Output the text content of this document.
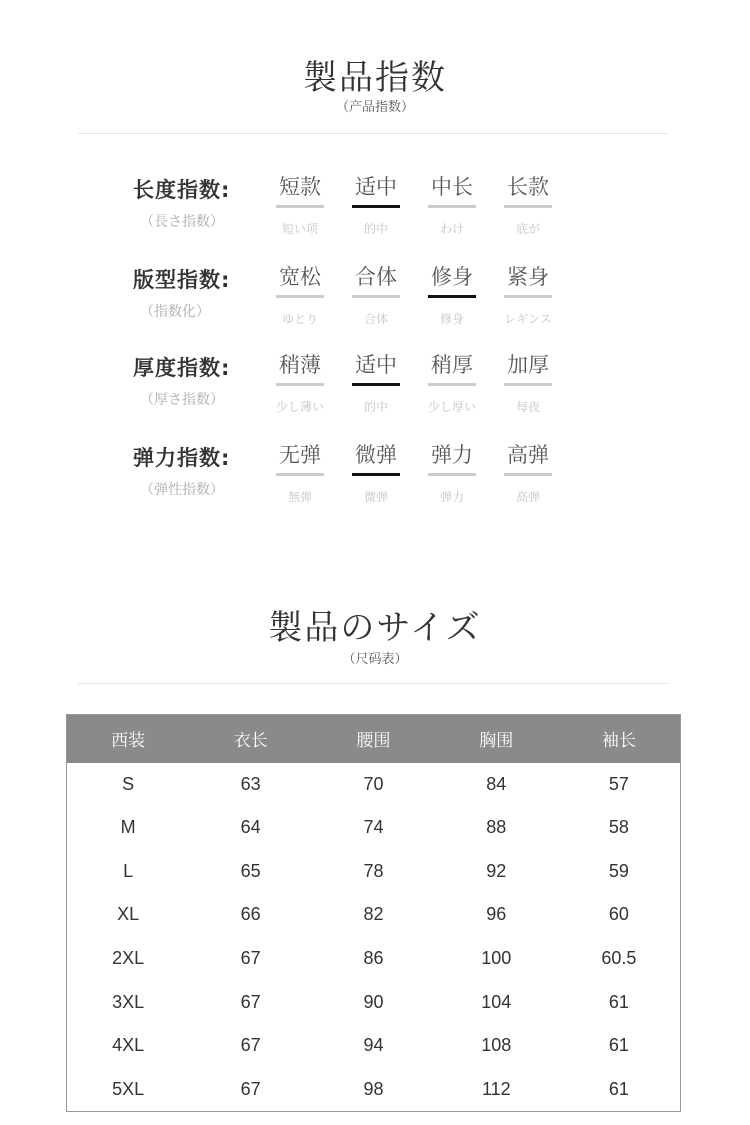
製品指数
（产品指数）
长度指数:
（長さ指数）
短款
短い项
适中
的中
中长
わけ
长款
底が
版型指数:
（指数化）
宽松
ゆとり
合体
合体
修身
修身
紧身
レギンス
厚度指数:
（厚さ指数）
稍薄
少し薄い
适中
的中
稍厚
少し厚い
加厚
每夜
弹力指数:
（弹性指数）
无弹
無弹
微弹
微弹
弹力
弹力
高弹
高弹
製品のサイズ
（尺码表）
西装	衣长	腰围	胸围	袖长
S	63	70	84	57
M	64	74	88	58
L	65	78	92	59
XL	66	82	96	60
2XL	67	86	100	60.5
3XL	67	90	104	61
4XL	67	94	108	61
5XL	67	98	112	61
